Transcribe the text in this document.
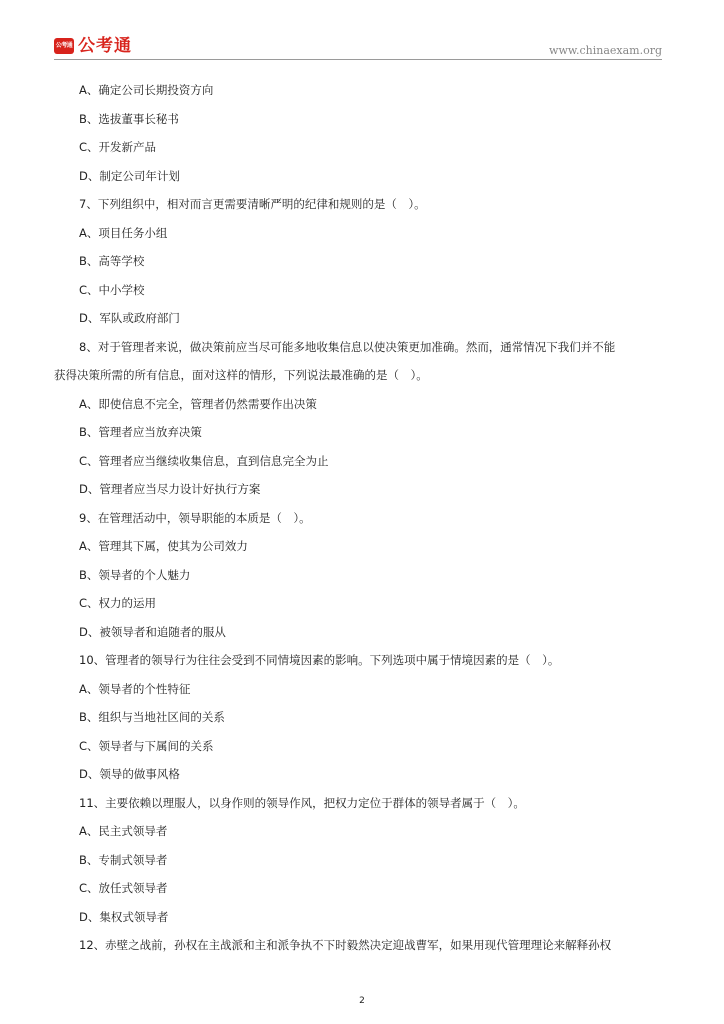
公考通 公考通	www.chinaexam.org
A、确定公司长期投资方向
B、选拔董事长秘书
C、开发新产品
D、制定公司年计划
7、下列组织中，相对而言更需要清晰严明的纪律和规则的是（　）。
A、项目任务小组
B、高等学校
C、中小学校
D、军队或政府部门
8、对于管理者来说，做决策前应当尽可能多地收集信息以使决策更加准确。然而，通常情况下我们并不能
获得决策所需的所有信息，面对这样的情形，下列说法最准确的是（　）。
A、即使信息不完全，管理者仍然需要作出决策
B、管理者应当放弃决策
C、管理者应当继续收集信息，直到信息完全为止
D、管理者应当尽力设计好执行方案
9、在管理活动中，领导职能的本质是（　）。
A、管理其下属，使其为公司效力
B、领导者的个人魅力
C、权力的运用
D、被领导者和追随者的服从
10、管理者的领导行为往往会受到不同情境因素的影响。下列选项中属于情境因素的是（　）。
A、领导者的个性特征
B、组织与当地社区间的关系
C、领导者与下属间的关系
D、领导的做事风格
11、主要依赖以理服人，以身作则的领导作风，把权力定位于群体的领导者属于（　）。
A、民主式领导者
B、专制式领导者
C、放任式领导者
D、集权式领导者
12、赤壁之战前，孙权在主战派和主和派争执不下时毅然决定迎战曹军，如果用现代管理理论来解释孙权
2
